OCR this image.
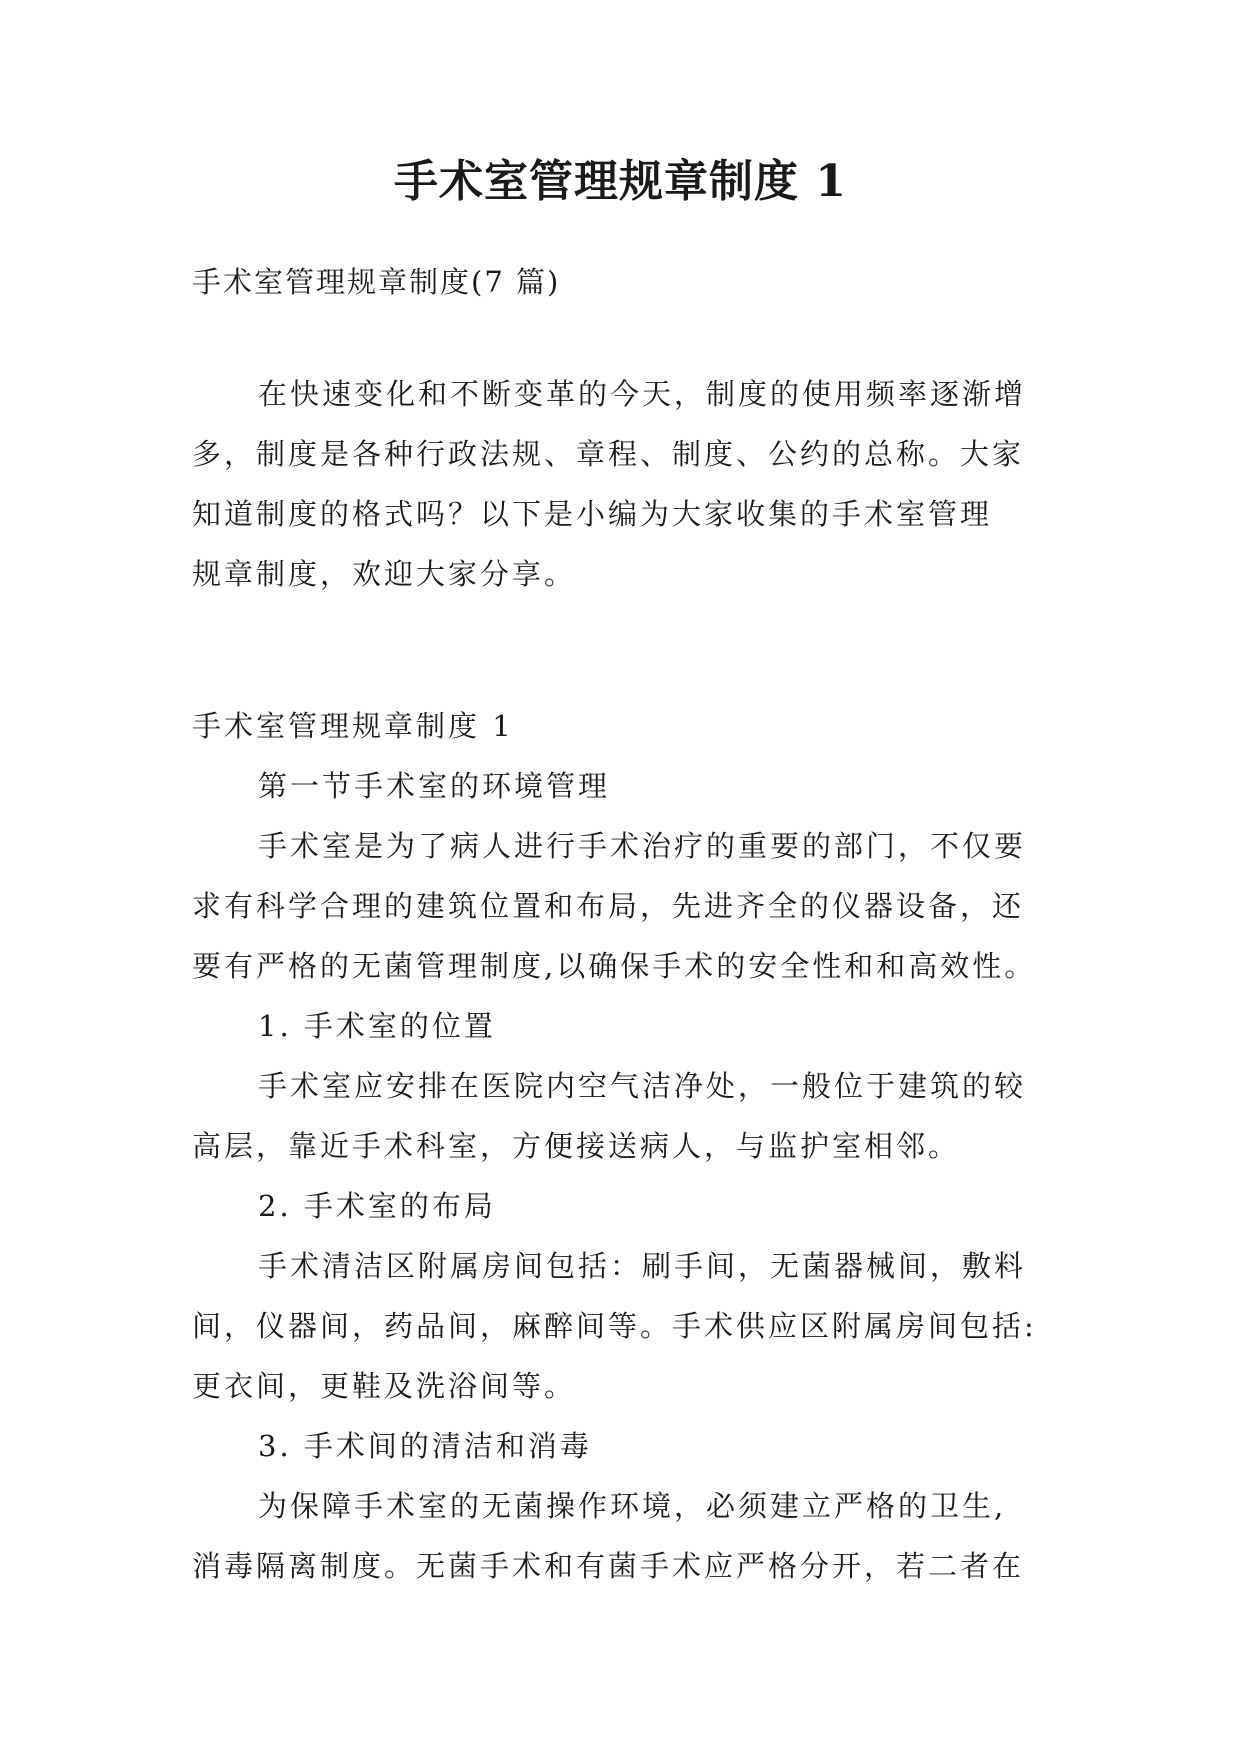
手术室管理规章制度 1

手术室管理规章制度(7 篇)

在快速变化和不断变革的今天，制度的使用频率逐渐增
多，制度是各种行政法规、章程、制度、公约的总称。大家
知道制度的格式吗？以下是小编为大家收集的手术室管理
规章制度，欢迎大家分享。

手术室管理规章制度 1

第一节手术室的环境管理

手术室是为了病人进行手术治疗的重要的部门，不仅要
求有科学合理的建筑位置和布局，先进齐全的仪器设备，还
要有严格的无菌管理制度,以确保手术的安全性和和高效性。

1. 手术室的位置

手术室应安排在医院内空气洁净处，一般位于建筑的较
高层，靠近手术科室，方便接送病人，与监护室相邻。

2. 手术室的布局

手术清洁区附属房间包括：刷手间，无菌器械间，敷料
间，仪器间，药品间，麻醉间等。手术供应区附属房间包括:
更衣间，更鞋及洗浴间等。

3. 手术间的清洁和消毒

为保障手术室的无菌操作环境，必须建立严格的卫生,
消毒隔离制度。无菌手术和有菌手术应严格分开，若二者在
